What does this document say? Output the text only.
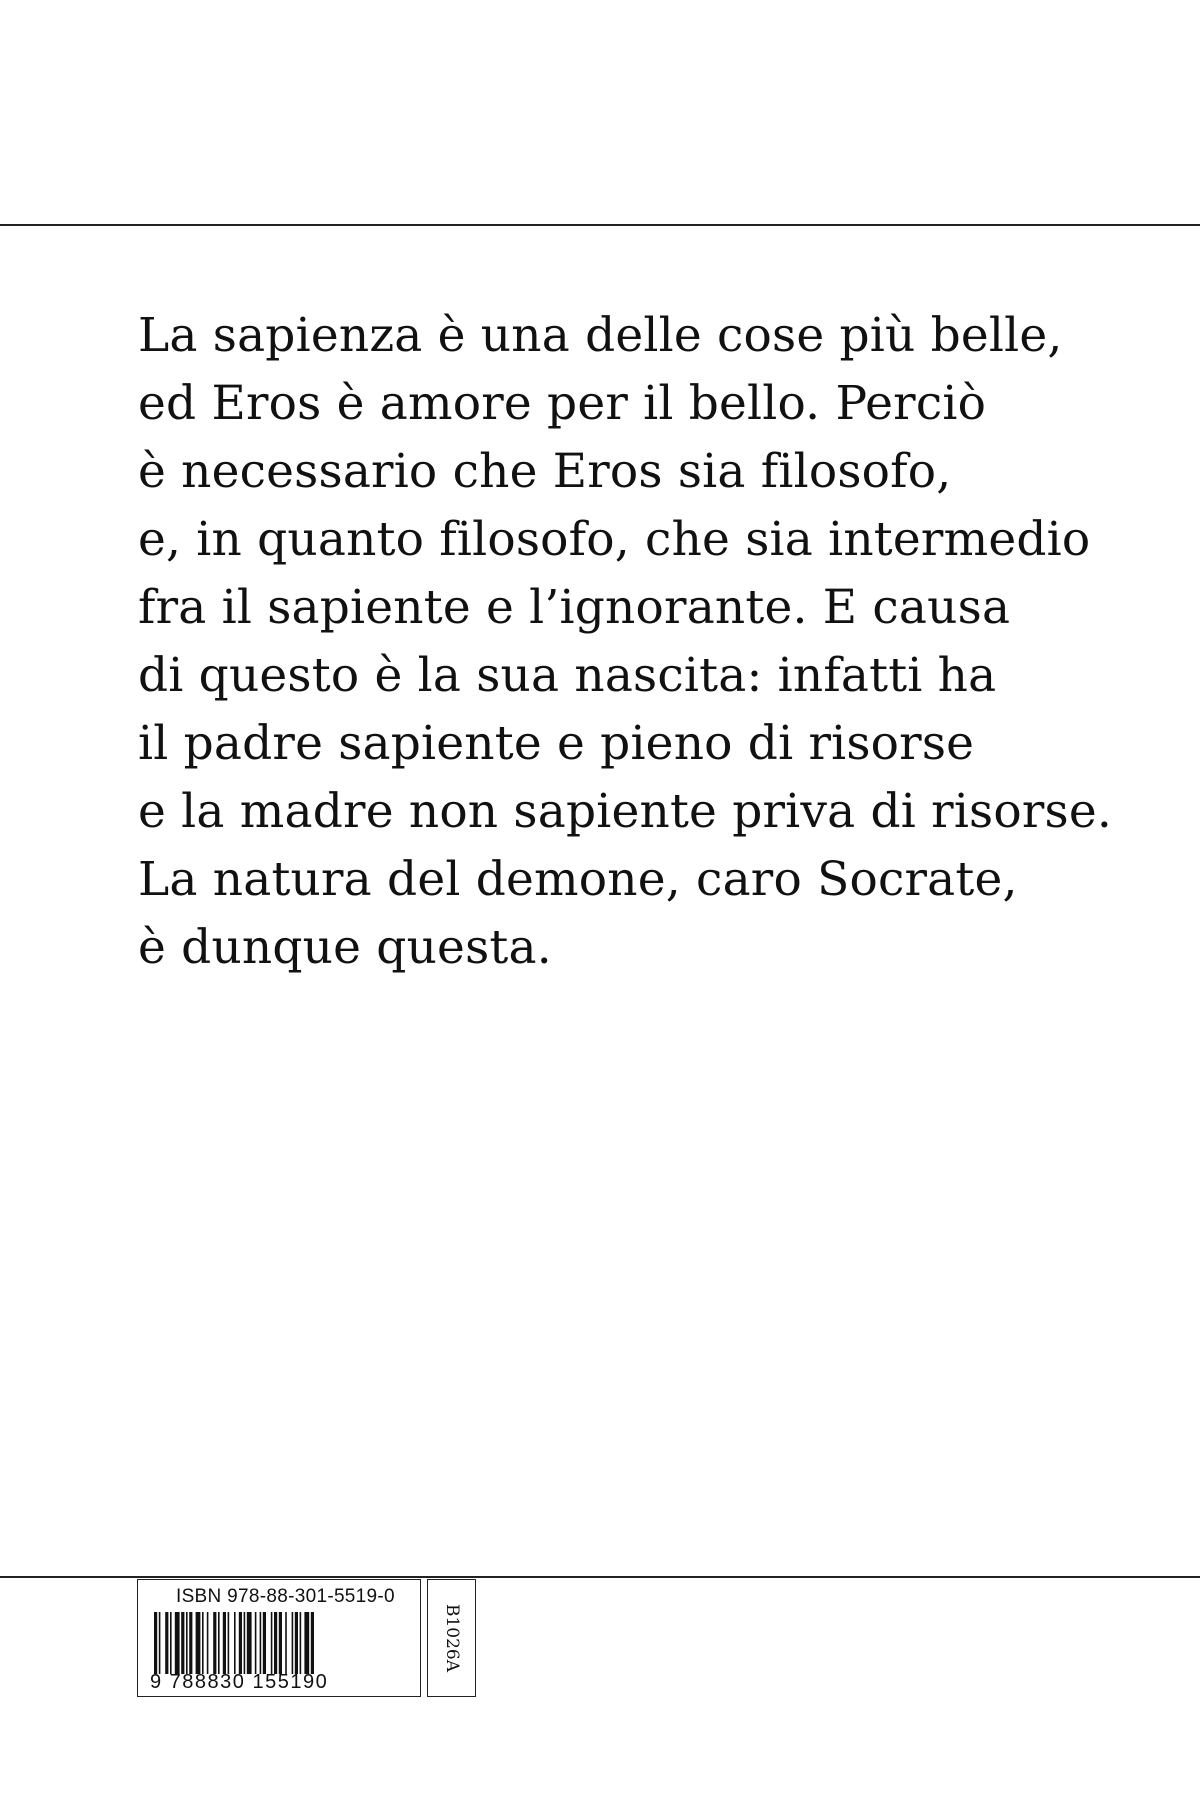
La sapienza è una delle cose più belle,
ed Eros è amore per il bello. Perciò
è necessario che Eros sia filosofo,
e, in quanto filosofo, che sia intermedio
fra il sapiente e l’ignorante. E causa
di questo è la sua nascita: infatti ha
il padre sapiente e pieno di risorse
e la madre non sapiente priva di risorse.
La natura del demone, caro Socrate,
è dunque questa.
ISBN 978-88-301-5519-0
9 788830 155190
B1026A
